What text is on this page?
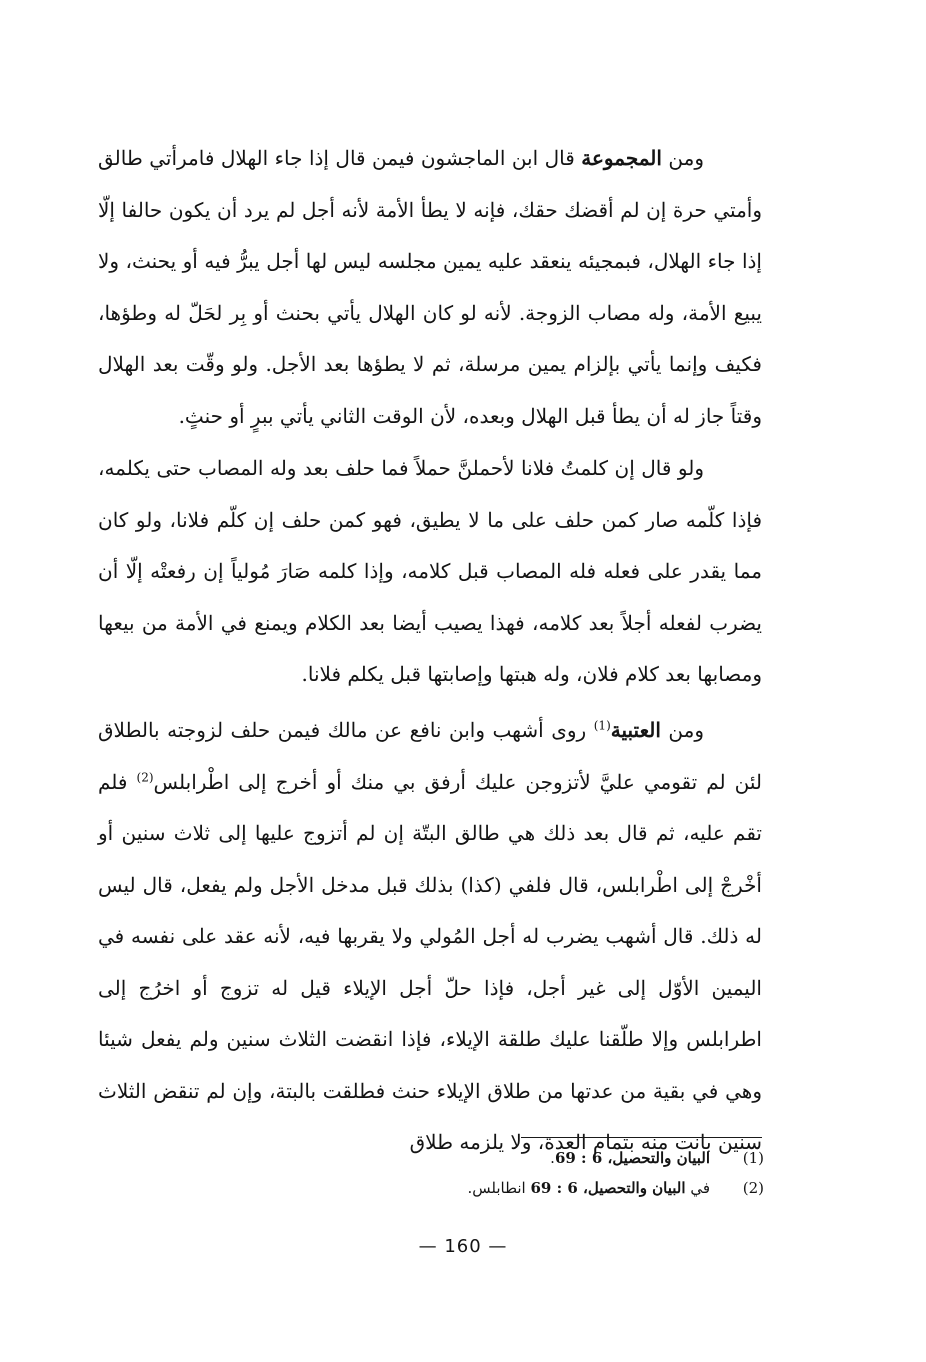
ومن المجموعة قال ابن الماجشون فيمن قال إذا جاء الهلال فامرأتي طالق وأمتي حرة إن لم أقضك حقك، فإنه لا يطأ الأمة لأنه أجل لم يرد أن يكون حالفا إلّا إذا جاء الهلال، فبمجيئه ينعقد عليه يمين مجلسه ليس لها أجل يبرُّ فيه أو يحنث، ولا يبيع الأمة، وله مصاب الزوجة. لأنه لو كان الهلال يأتي بحنث أو بِر لحَلّ له وطؤها، فكيف وإنما يأتي بإلزام يمين مرسلة، ثم لا يطؤها بعد الأجل. ولو وقّت بعد الهلال وقتاً جاز له أن يطأ قبل الهلال وبعده، لأن الوقت الثاني يأتي ببرٍ أو حنثٍ.

ولو قال إن كلمتُ فلانا لأحملنَّ حملاً فما حلف بعد وله المصاب حتى يكلمه، فإذا كلّمه صار كمن حلف على ما لا يطيق، فهو كمن حلف إن كلّم فلانا، ولو كان مما يقدر على فعله فله المصاب قبل كلامه، وإذا كلمه صَارَ مُولياً إن رفعتْه إلّا أن يضرب لفعله أجلاً بعد كلامه، فهذا يصيب أيضا بعد الكلام ويمنع في الأمة من بيعها ومصابها بعد كلام فلان، وله هبتها وإصابتها قبل يكلم فلانا.

ومن العتبية$^{(1)}$ روى أشهب وابن نافع عن مالك فيمن حلف لزوجته بالطلاق لئن لم تقومي عليَّ لأتزوجن عليك أرفق بي منك أو أخرج إلى اطْرابلس$^{(2)}$ فلم تقم عليه، ثم قال بعد ذلك هي طالق البتّة إن لم أتزوج عليها إلى ثلاث سنين أو أخْرجْ إلى اطْرابلس، قال فلفي (كذا) بذلك قبل مدخل الأجل ولم يفعل، قال ليس له ذلك. قال أشهب يضرب له أجل المُولي ولا يقربها فيه، لأنه عقد على نفسه في اليمين الأوّل إلى غير أجل، فإذا حلّ أجل الإيلاء قيل له تزوج أو اخرُج إلى اطرابلس وإلا طلّقنا عليك طلقة الإيلاء، فإذا انقضت الثلاث سنين ولم يفعل شيئا وهي في بقية من عدتها من طلاق الإيلاء حنث فطلقت بالبتة، وإن لم تنقض الثلاث سنين بانت منه بتمام العدة، ولا يلزمه طلاق

(1)البيان والتحصيل، 6 : 69.
(2)في البيان والتحصيل، 6 : 69 انطابلس.
— 160 —
